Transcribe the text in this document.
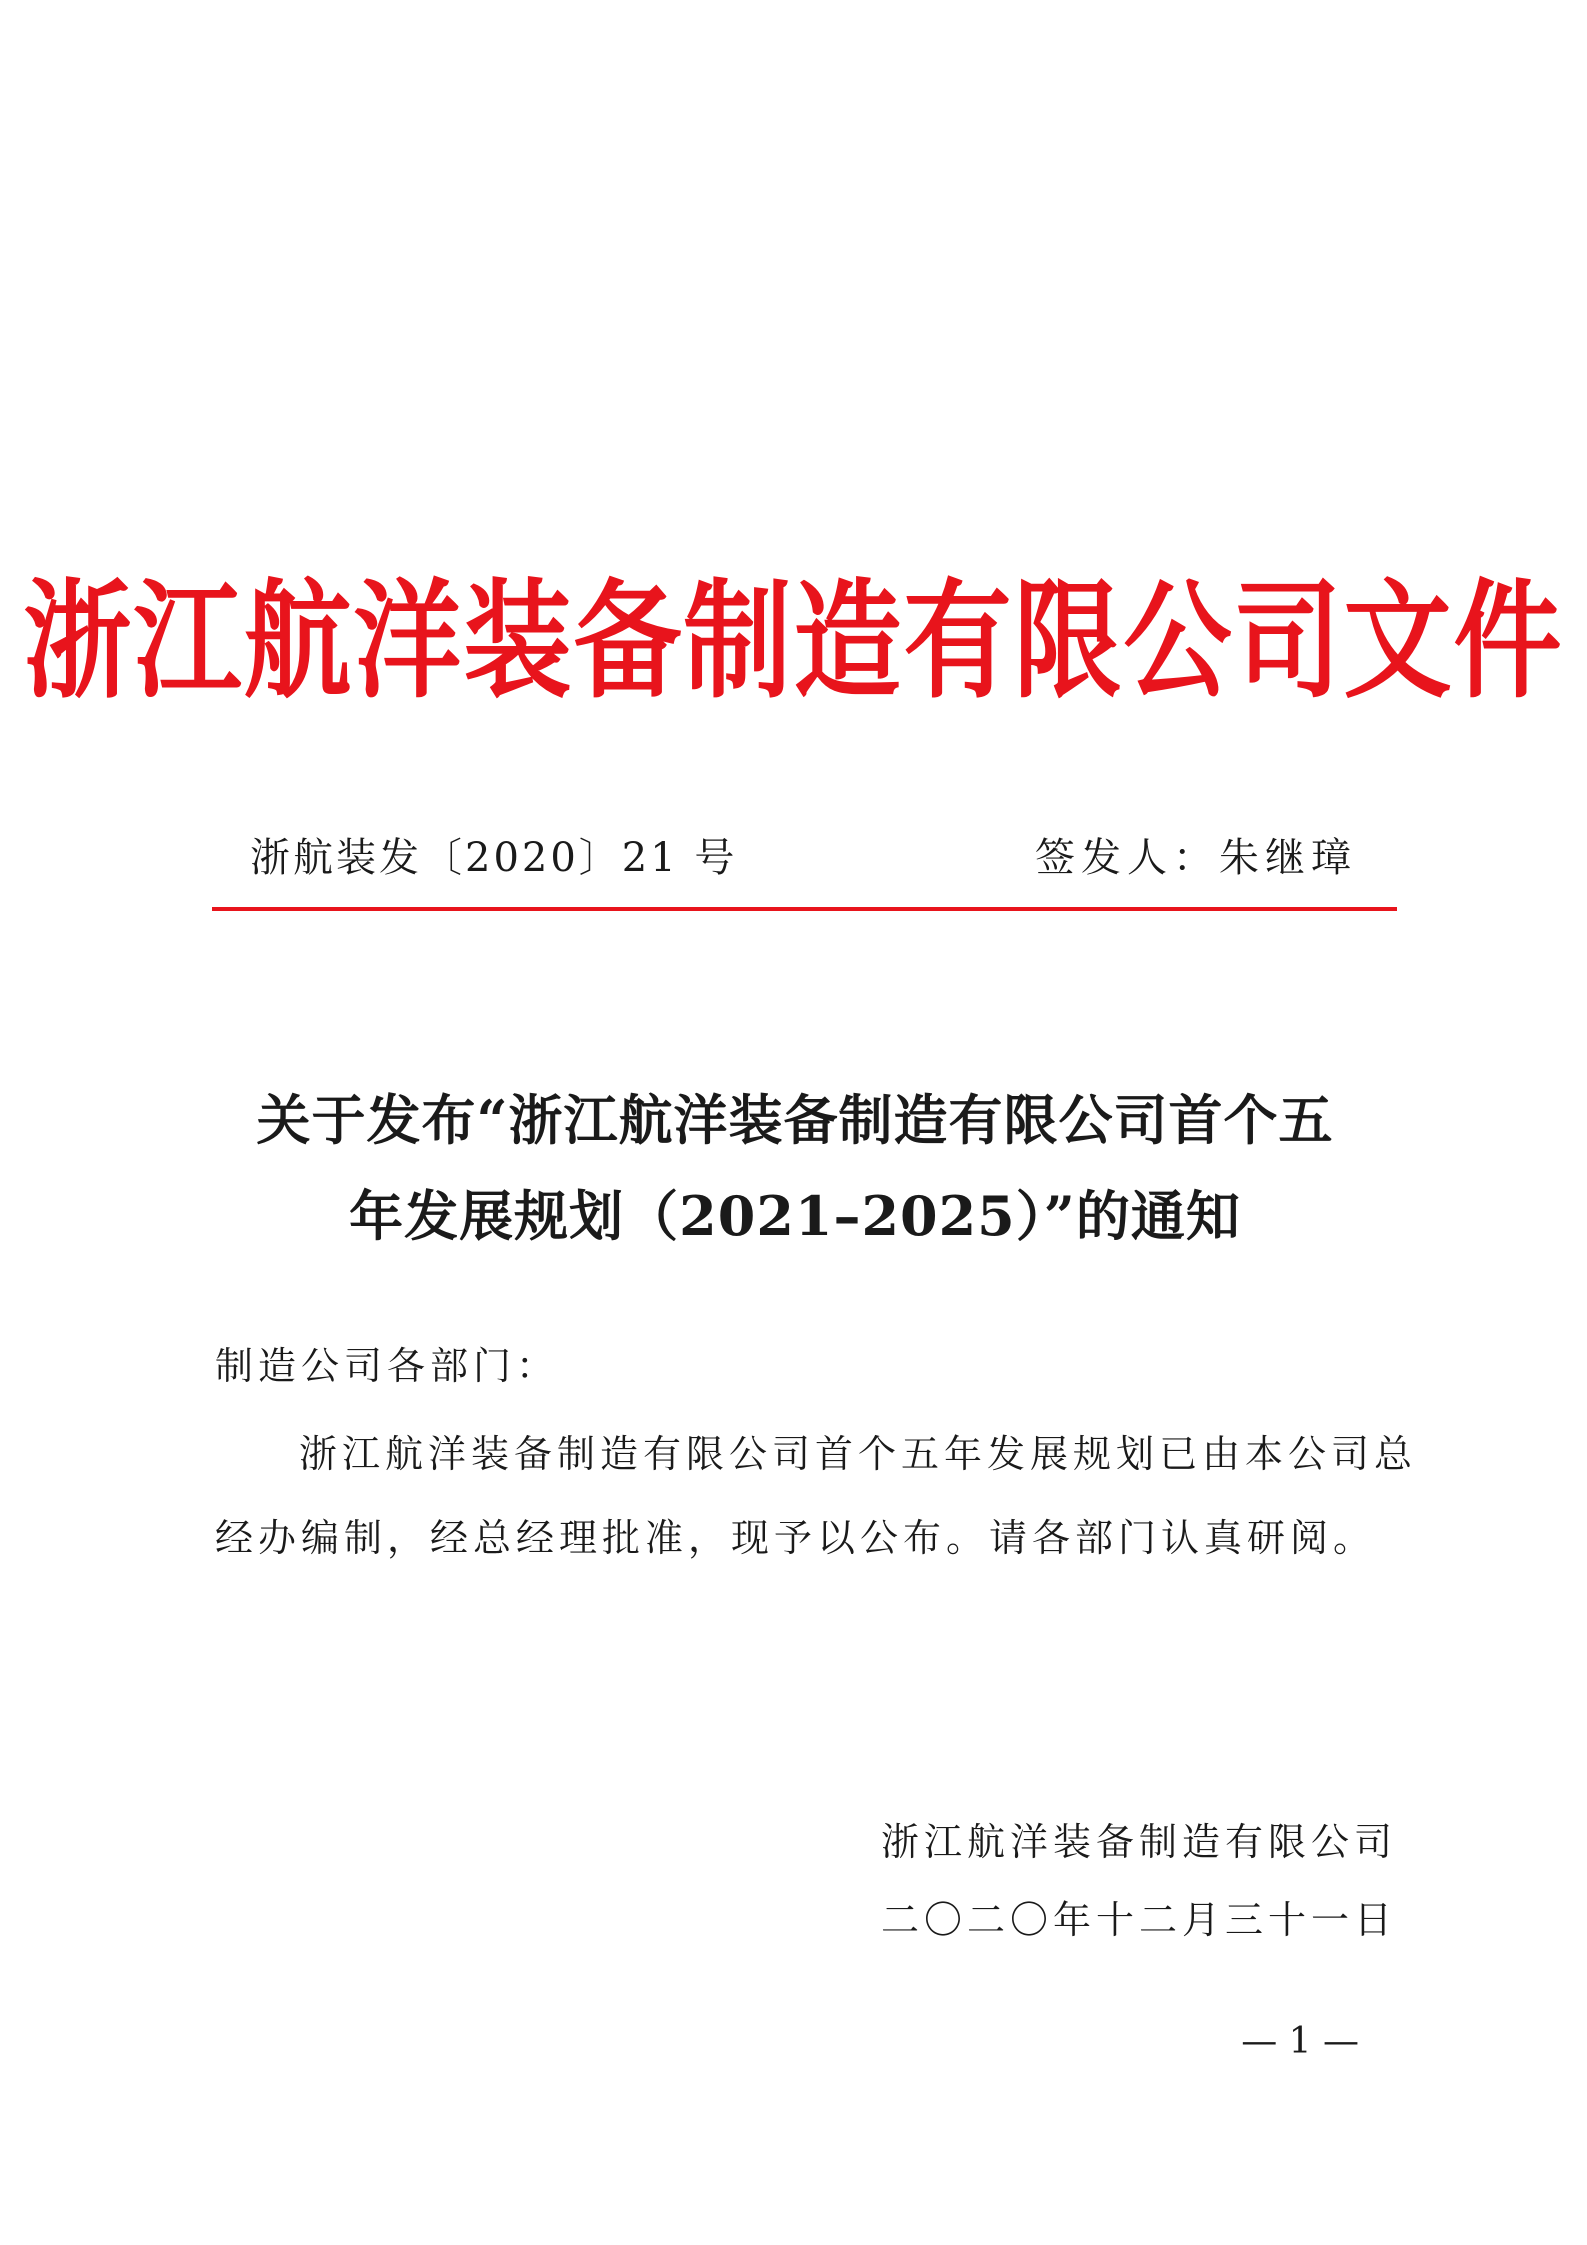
浙江航洋装备制造有限公司文件
浙航装发〔2020〕21 号	签发人：朱继璋
关于发布“浙江航洋装备制造有限公司首个五
年发展规划（2021–2025）”的通知
制造公司各部门：
浙江航洋装备制造有限公司首个五年发展规划已由本公司总
经办编制，经总经理批准，现予以公布。请各部门认真研阅。
浙江航洋装备制造有限公司
二〇二〇年十二月三十一日
— 1 —
